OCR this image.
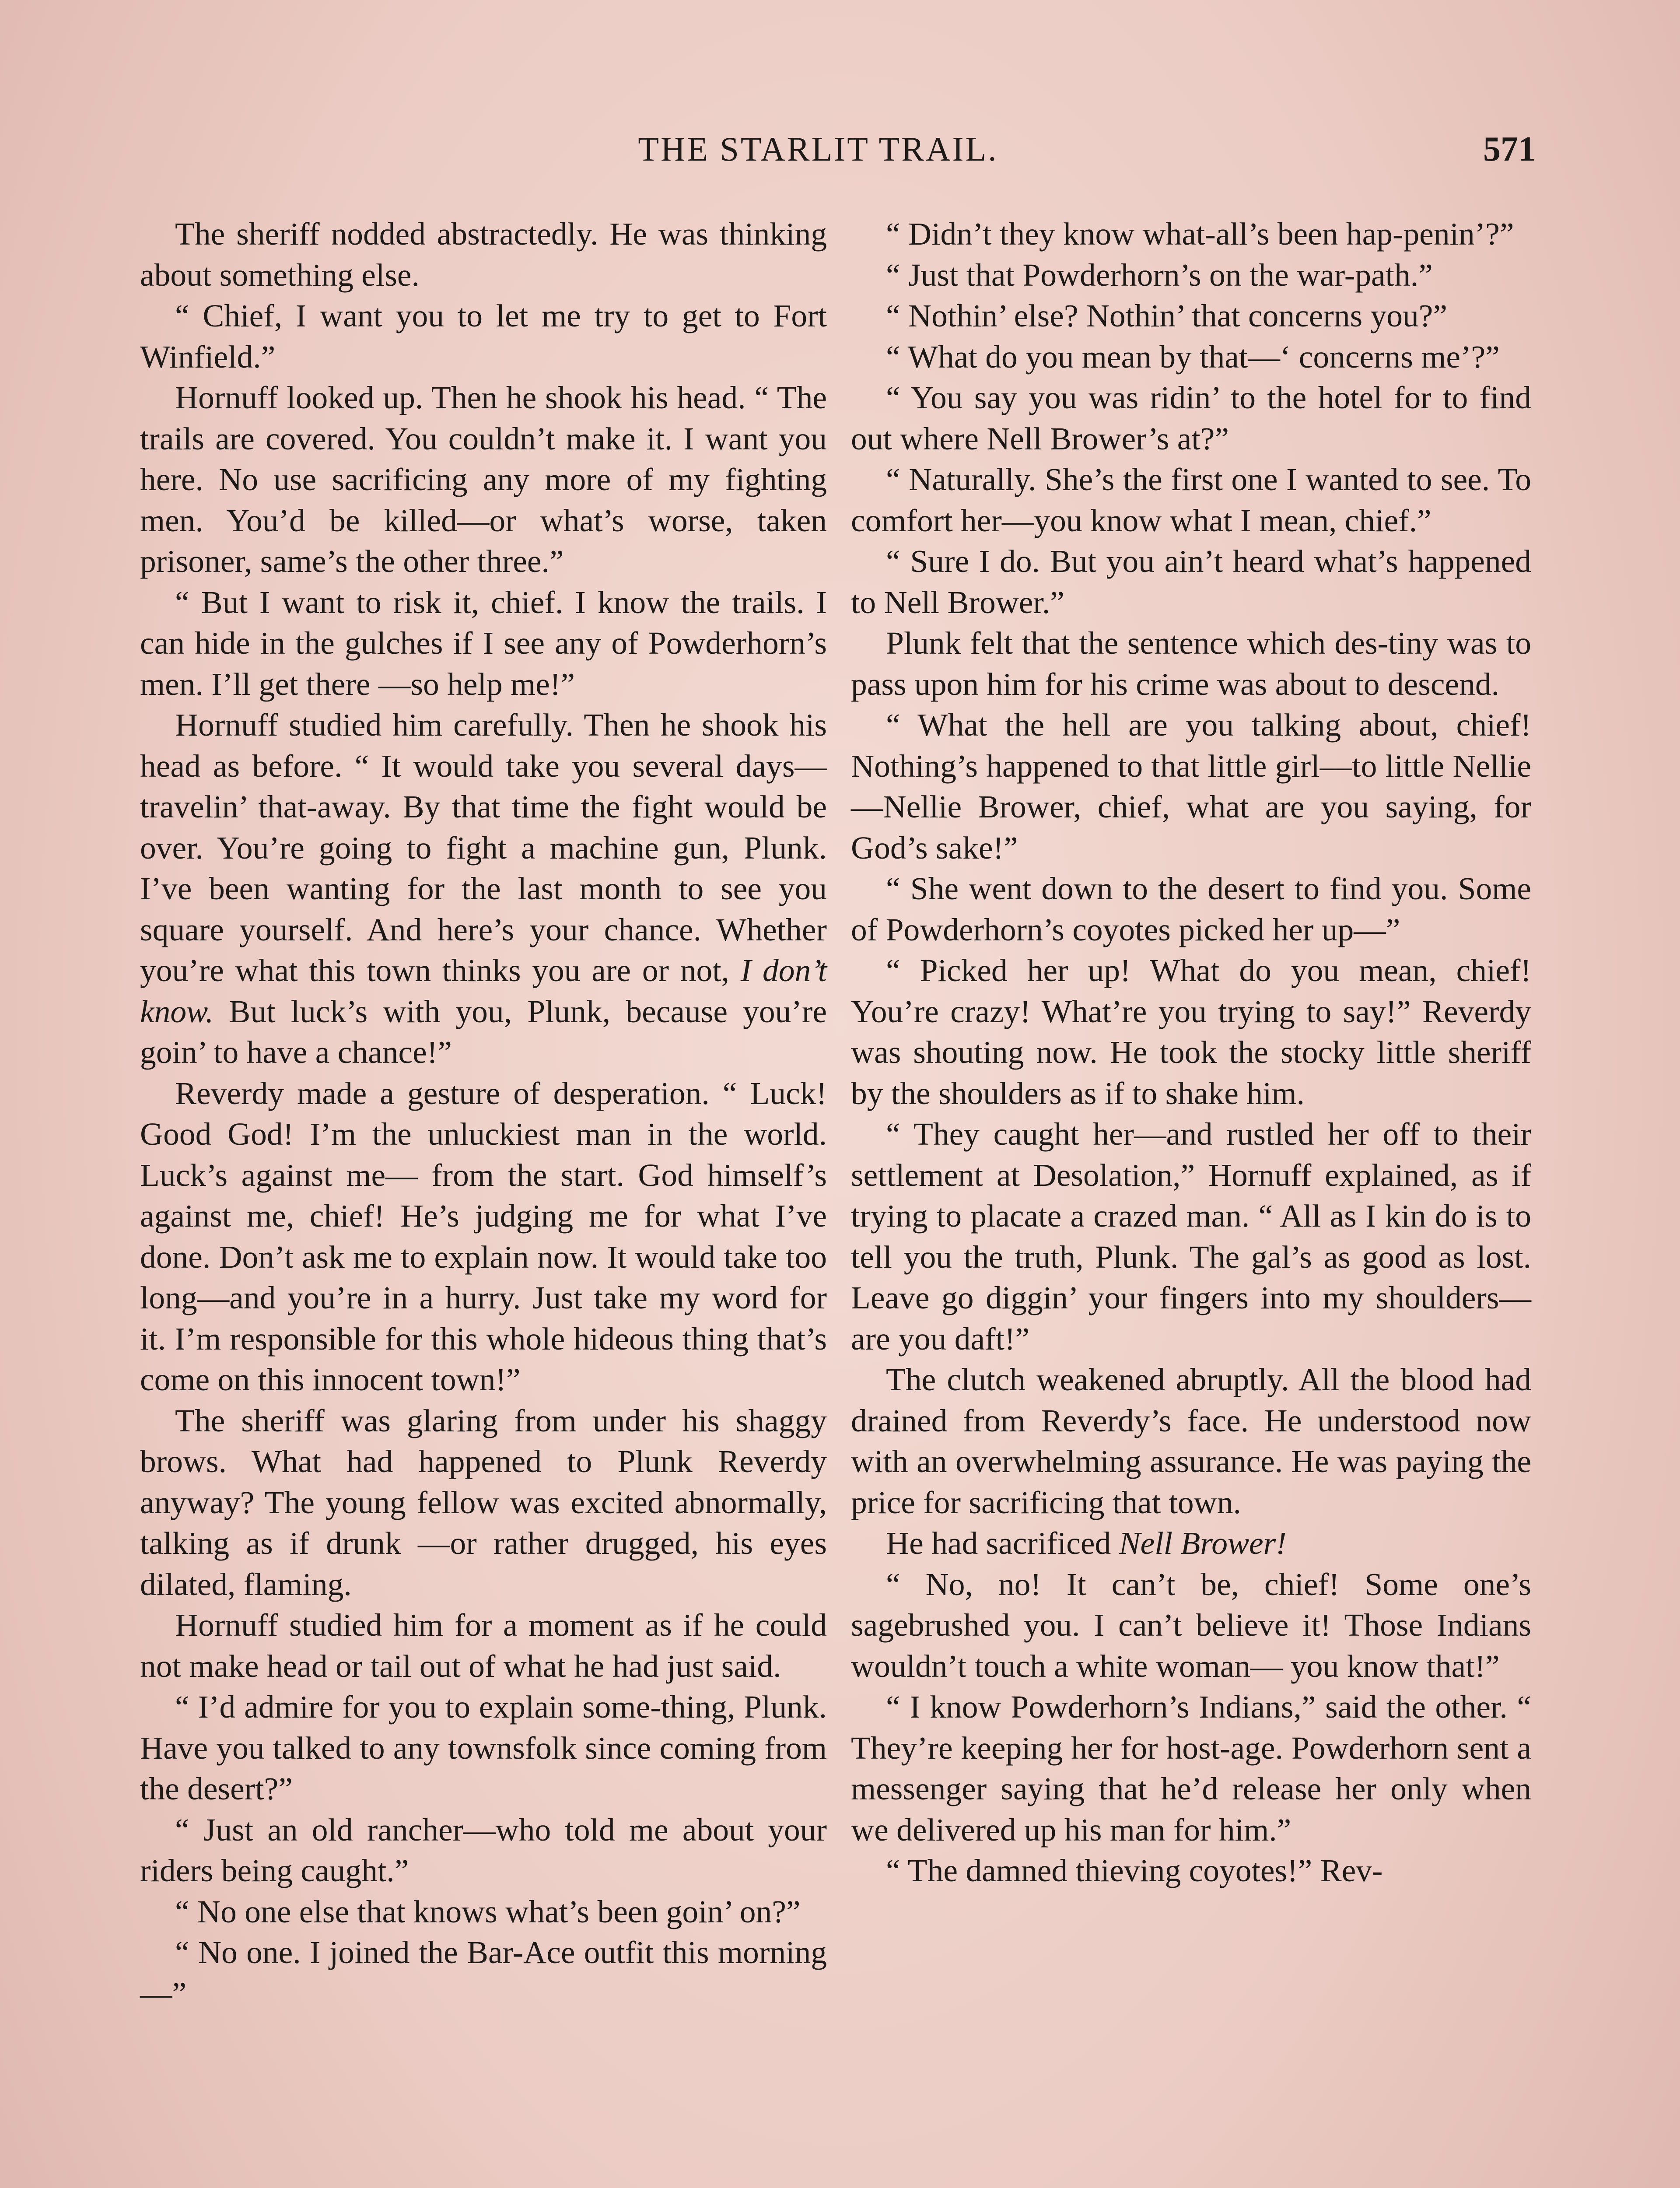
THE STARLIT TRAIL.	571

The sheriff nodded abstractedly. He was thinking about something else.

“ Chief, I want you to let me try to get to Fort Winfield.”

Hornuff looked up. Then he shook his head. “ The trails are covered. You couldn’t make it. I want you here. No use sacrificing any more of my fighting men. You’d be killed—or what’s worse, taken prisoner, same’s the other three.”

“ But I want to risk it, chief. I know the trails. I can hide in the gulches if I see any of Powderhorn’s men. I’ll get there —so help me!”

Hornuff studied him carefully. Then he shook his head as before. “ It would take you several days—travelin’ that-away. By that time the fight would be over. You’re going to fight a machine gun, Plunk. I’ve been wanting for the last month to see you square yourself. And here’s your chance. Whether you’re what this town thinks you are or not, I don’t know. But luck’s with you, Plunk, because you’re goin’ to have a chance!”

Reverdy made a gesture of desperation. “ Luck! Good God! I’m the unluckiest man in the world. Luck’s against me— from the start. God himself’s against me, chief! He’s judging me for what I’ve done. Don’t ask me to explain now. It would take too long—and you’re in a hurry. Just take my word for it. I’m responsible for this whole hideous thing that’s come on this innocent town!”

The sheriff was glaring from under his shaggy brows. What had happened to Plunk Reverdy anyway? The young fellow was excited abnormally, talking as if drunk —or rather drugged, his eyes dilated, flaming.

Hornuff studied him for a moment as if he could not make head or tail out of what he had just said.

“ I’d admire for you to explain some-thing, Plunk. Have you talked to any townsfolk since coming from the desert?”

“ Just an old rancher—who told me about your riders being caught.”

“ No one else that knows what’s been goin’ on?”

“ No one. I joined the Bar-Ace outfit this morning—”

“ Didn’t they know what-all’s been hap-penin’?”

“ Just that Powderhorn’s on the war-path.”

“ Nothin’ else? Nothin’ that concerns you?”

“ What do you mean by that—‘ concerns me’?”

“ You say you was ridin’ to the hotel for to find out where Nell Brower’s at?”

“ Naturally. She’s the first one I wanted to see. To comfort her—you know what I mean, chief.”

“ Sure I do. But you ain’t heard what’s happened to Nell Brower.”

Plunk felt that the sentence which des-tiny was to pass upon him for his crime was about to descend.

“ What the hell are you talking about, chief! Nothing’s happened to that little girl—to little Nellie—Nellie Brower, chief, what are you saying, for God’s sake!”

“ She went down to the desert to find you. Some of Powderhorn’s coyotes picked her up—”

“ Picked her up! What do you mean, chief! You’re crazy! What’re you trying to say!” Reverdy was shouting now. He took the stocky little sheriff by the shoulders as if to shake him.

“ They caught her—and rustled her off to their settlement at Desolation,” Hornuff explained, as if trying to placate a crazed man. “ All as I kin do is to tell you the truth, Plunk. The gal’s as good as lost. Leave go diggin’ your fingers into my shoulders—are you daft!”

The clutch weakened abruptly. All the blood had drained from Reverdy’s face. He understood now with an overwhelming assurance. He was paying the price for sacrificing that town.

He had sacrificed Nell Brower!

“ No, no! It can’t be, chief! Some one’s sagebrushed you. I can’t believe it! Those Indians wouldn’t touch a white woman— you know that!”

“ I know Powderhorn’s Indians,” said the other. “ They’re keeping her for host-age. Powderhorn sent a messenger saying that he’d release her only when we delivered up his man for him.”

“ The damned thieving coyotes!” Rev-
